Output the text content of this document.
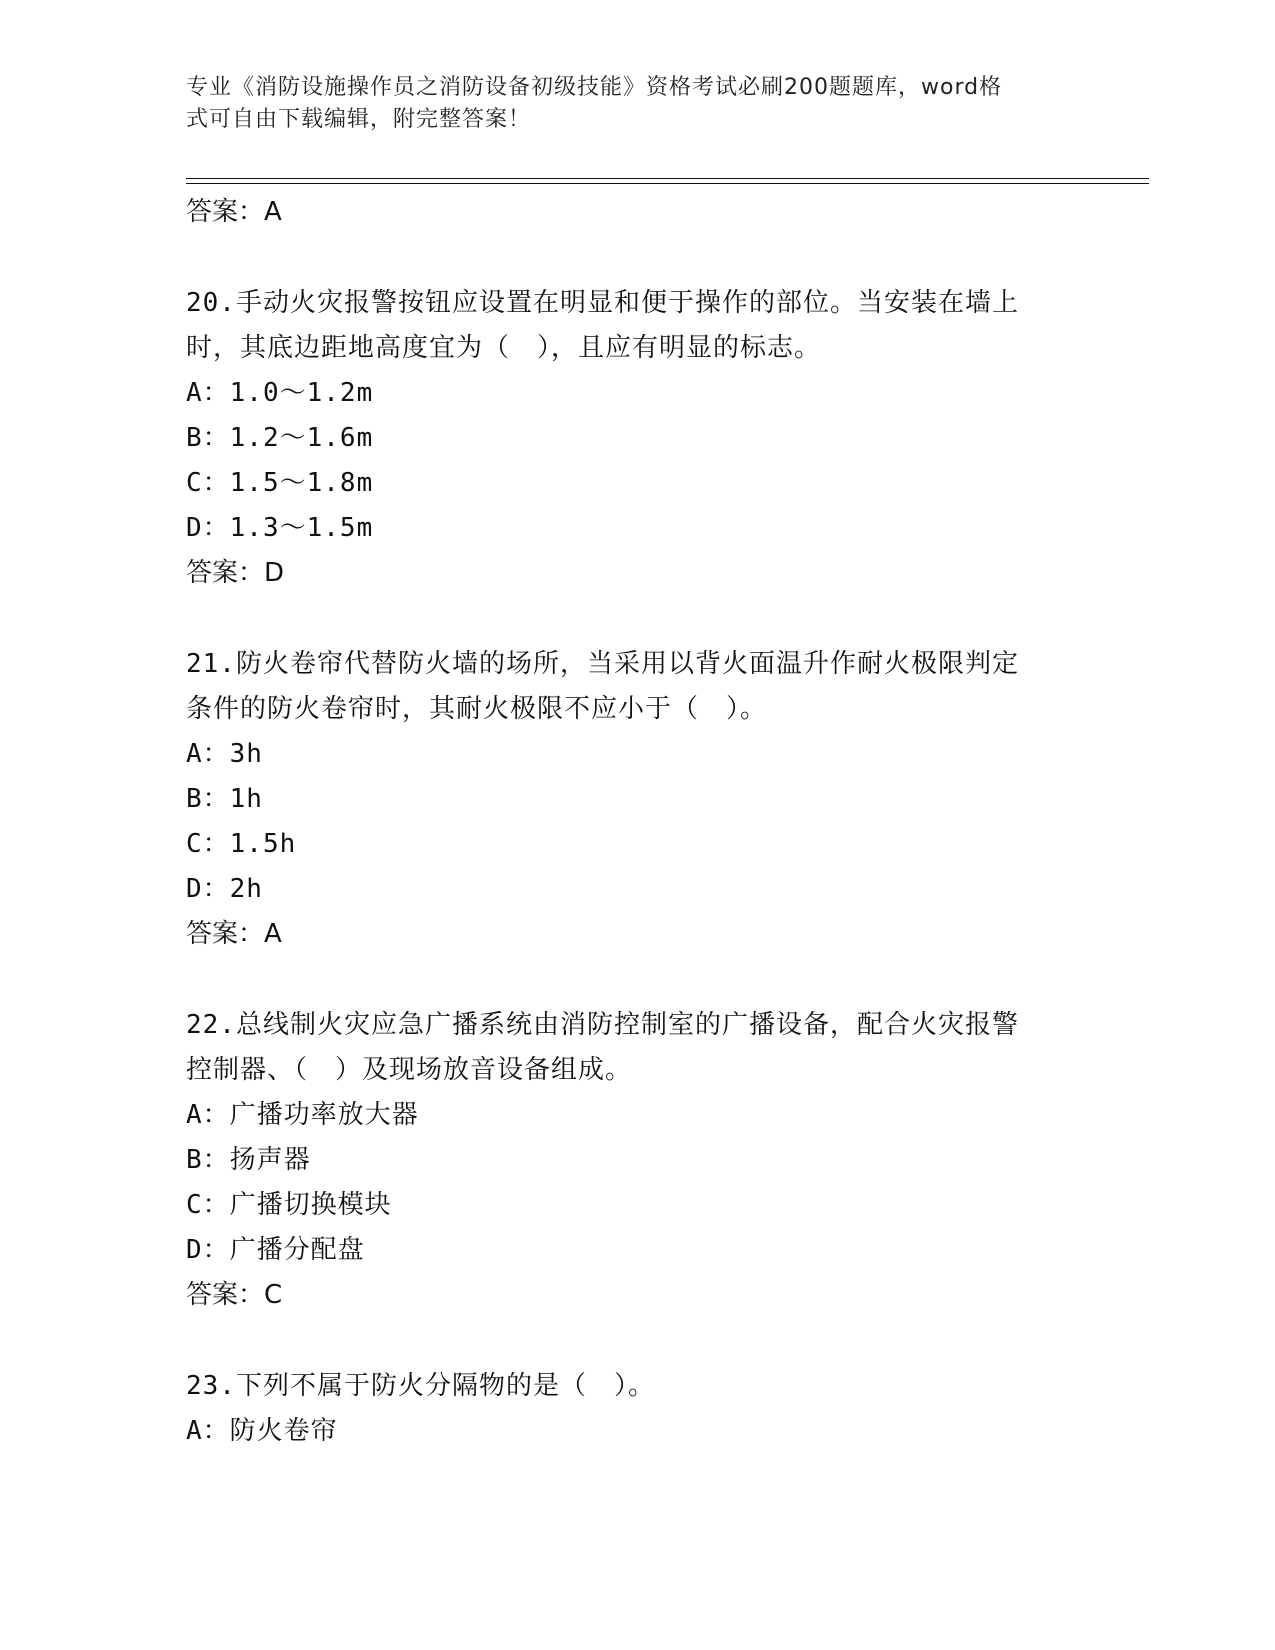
专业《消防设施操作员之消防设备初级技能》资格考试必刷200题题库，word格
式可自由下载编辑，附完整答案！
答案：A
20.手动火灾报警按钮应设置在明显和便于操作的部位。当安装在墙上
时，其底边距地高度宜为（　），且应有明显的标志。
A：1.0～1.2m
B：1.2～1.6m
C：1.5～1.8m
D：1.3～1.5m
答案：D
21.防火卷帘代替防火墙的场所，当采用以背火面温升作耐火极限判定
条件的防火卷帘时，其耐火极限不应小于（　）。
A：3h
B：1h
C：1.5h
D：2h
答案：A
22.总线制火灾应急广播系统由消防控制室的广播设备，配合火灾报警
控制器、（　）及现场放音设备组成。
A：广播功率放大器
B：扬声器
C：广播切换模块
D：广播分配盘
答案：C
23.下列不属于防火分隔物的是（　）。
A：防火卷帘
